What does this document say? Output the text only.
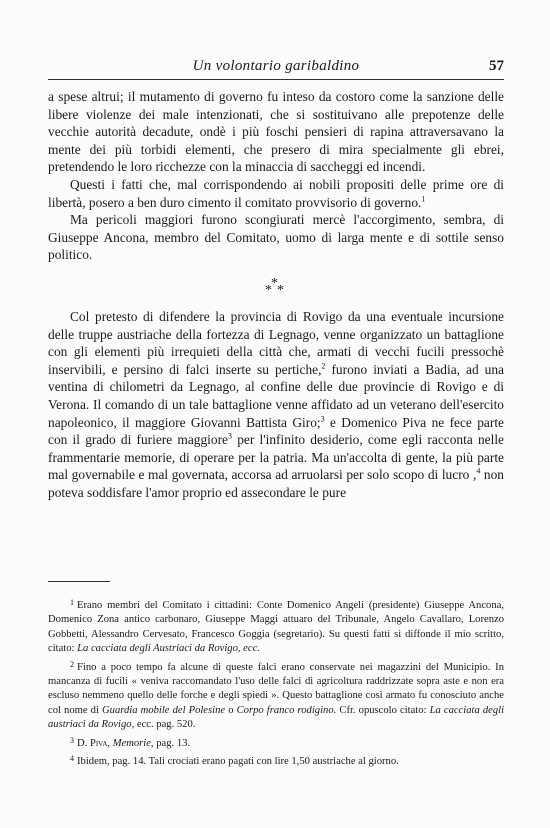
Un volontario garibaldino	57

a spese altrui; il mutamento di governo fu inteso da costoro come la sanzione delle libere violenze dei male intenzionati, che si sostituivano alle prepotenze delle vecchie autorità decadute, ondè i più foschi pensieri di rapina attraversavano la mente dei più torbidi elementi, che presero di mira specialmente gli ebrei, pretendendo le loro ricchezze con la minaccia di saccheggi ed incendi.

Questi i fatti che, mal corrispondendo ai nobili propositi delle prime ore di libertà, posero a ben duro cimento il comitato provvisorio di governo.$^1$

Ma pericoli maggiori furono scongiurati mercè l'accorgimento, sembra, di Giuseppe Ancona, membro del Comitato, uomo di larga mente e di sottile senso politico.

*
* *

Col pretesto di difendere la provincia di Rovigo da una eventuale incursione delle truppe austriache della fortezza di Legnago, venne organizzato un battaglione con gli elementi più irrequieti della città che, armati di vecchi fucili pressochè inservibili, e persino di falci inserte su pertiche,$^2$ furono inviati a Badia, ad una ventina di chilometri da Legnago, al confine delle due provincie di Rovigo e di Verona. Il comando di un tale battaglione venne affidato ad un veterano dell'esercito napoleonico, il maggiore Giovanni Battista Giro;$^3$ e Domenico Piva ne fece parte con il grado di furiere maggiore$^3$ per l'infinito desiderio, come egli racconta nelle frammentarie memorie, di operare per la patria. Ma un'accolta di gente, la più parte mal governabile e mal governata, accorsa ad arruolarsi per solo scopo di lucro ,$^4$ non poteva soddisfare l'amor proprio ed assecondare le pure

$^1$ Erano membri del Comitato i cittadini: Conte Domenico Angeli (presidente) Giuseppe Ancona, Domenico Zona antico carbonaro, Giuseppe Maggi attuaro del Tribunale, Angelo Cavallaro, Lorenzo Gobbetti, Alessandro Cervesato, Francesco Goggia (segretario). Su questi fatti si diffonde il mio scritto, citato: La cacciata degli Austriaci da Rovigo, ecc.

$^2$ Fino a poco tempo fa alcune di queste falci erano conservate nei magazzini del Municipio. In mancanza di fucili « veniva raccomandato l'uso delle falci di agricoltura raddrizzate sopra aste e non era escluso nemmeno quello delle forche e degli spiedi ». Questo battaglione così armato fu conosciuto anche col nome di Guardia mobile del Polesine o Corpo franco rodigino. Cfr. opuscolo citato: La cacciata degli austriaci da Rovigo, ecc. pag. 520.

$^3$ D. Piva, Memorie, pag. 13.

$^4$ Ibidem, pag. 14. Tali crociati erano pagati con lire 1,50 austriache al giorno.
